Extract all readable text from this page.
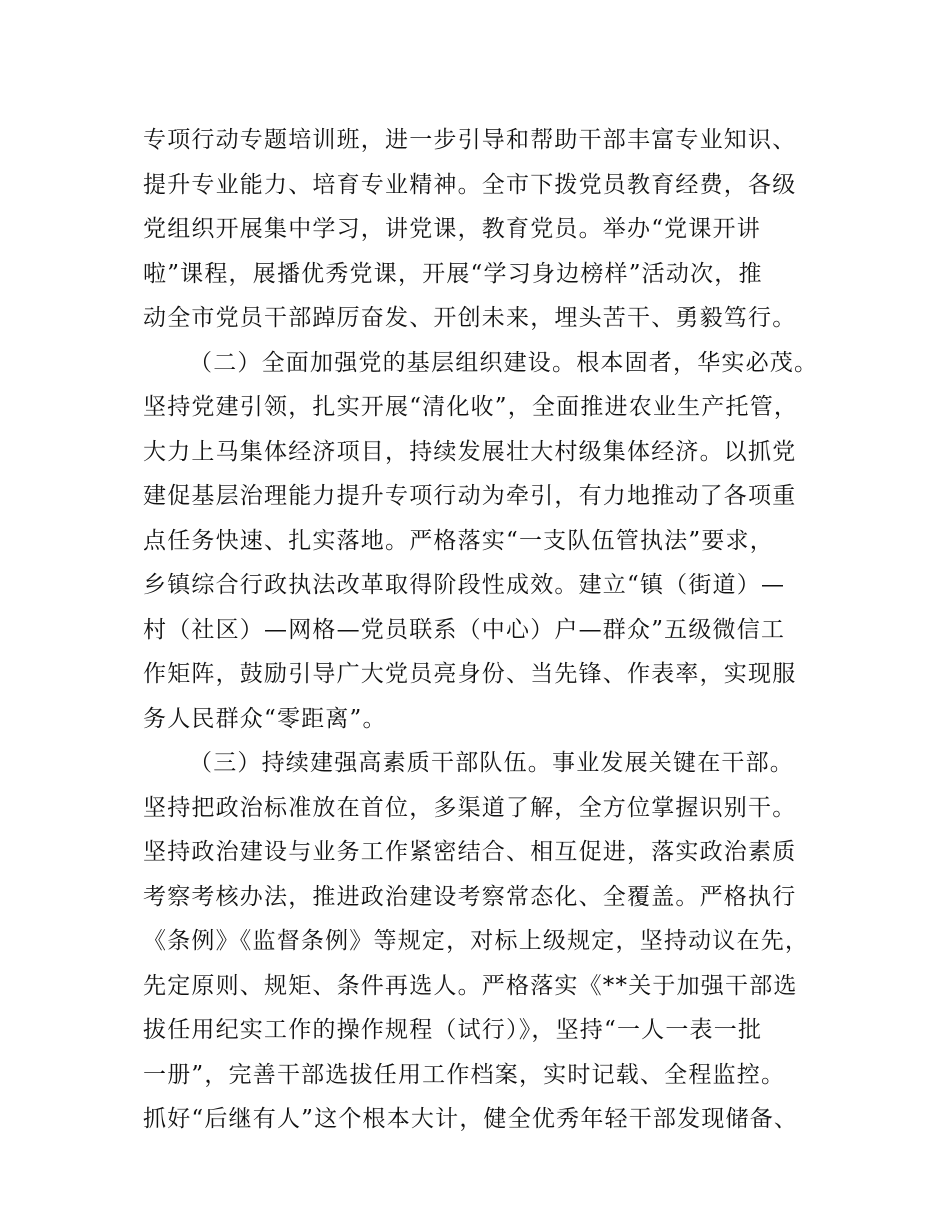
专项行动专题培训班，进一步引导和帮助干部丰富专业知识、
提升专业能力、培育专业精神。全市下拨党员教育经费，各级
党组织开展集中学习，讲党课，教育党员。举办“党课开讲
啦”课程，展播优秀党课，开展“学习身边榜样”活动次，推
动全市党员干部踔厉奋发、开创未来，埋头苦干、勇毅笃行。
（二）全面加强党的基层组织建设。根本固者，华实必茂。
坚持党建引领，扎实开展“清化收”，全面推进农业生产托管，
大力上马集体经济项目，持续发展壮大村级集体经济。以抓党
建促基层治理能力提升专项行动为牵引，有力地推动了各项重
点任务快速、扎实落地。严格落实“一支队伍管执法”要求，
乡镇综合行政执法改革取得阶段性成效。建立“镇（街道）—
村（社区）—网格—党员联系（中心）户—群众”五级微信工
作矩阵，鼓励引导广大党员亮身份、当先锋、作表率，实现服
务人民群众“零距离”。
（三）持续建强高素质干部队伍。事业发展关键在干部。
坚持把政治标准放在首位，多渠道了解，全方位掌握识别干。
坚持政治建设与业务工作紧密结合、相互促进，落实政治素质
考察考核办法，推进政治建设考察常态化、全覆盖。严格执行
《条例》《监督条例》等规定，对标上级规定，坚持动议在先，
先定原则、规矩、条件再选人。严格落实《**关于加强干部选
拔任用纪实工作的操作规程（试行）》，坚持“一人一表一批
一册”，完善干部选拔任用工作档案，实时记载、全程监控。
抓好“后继有人”这个根本大计，健全优秀年轻干部发现储备、
